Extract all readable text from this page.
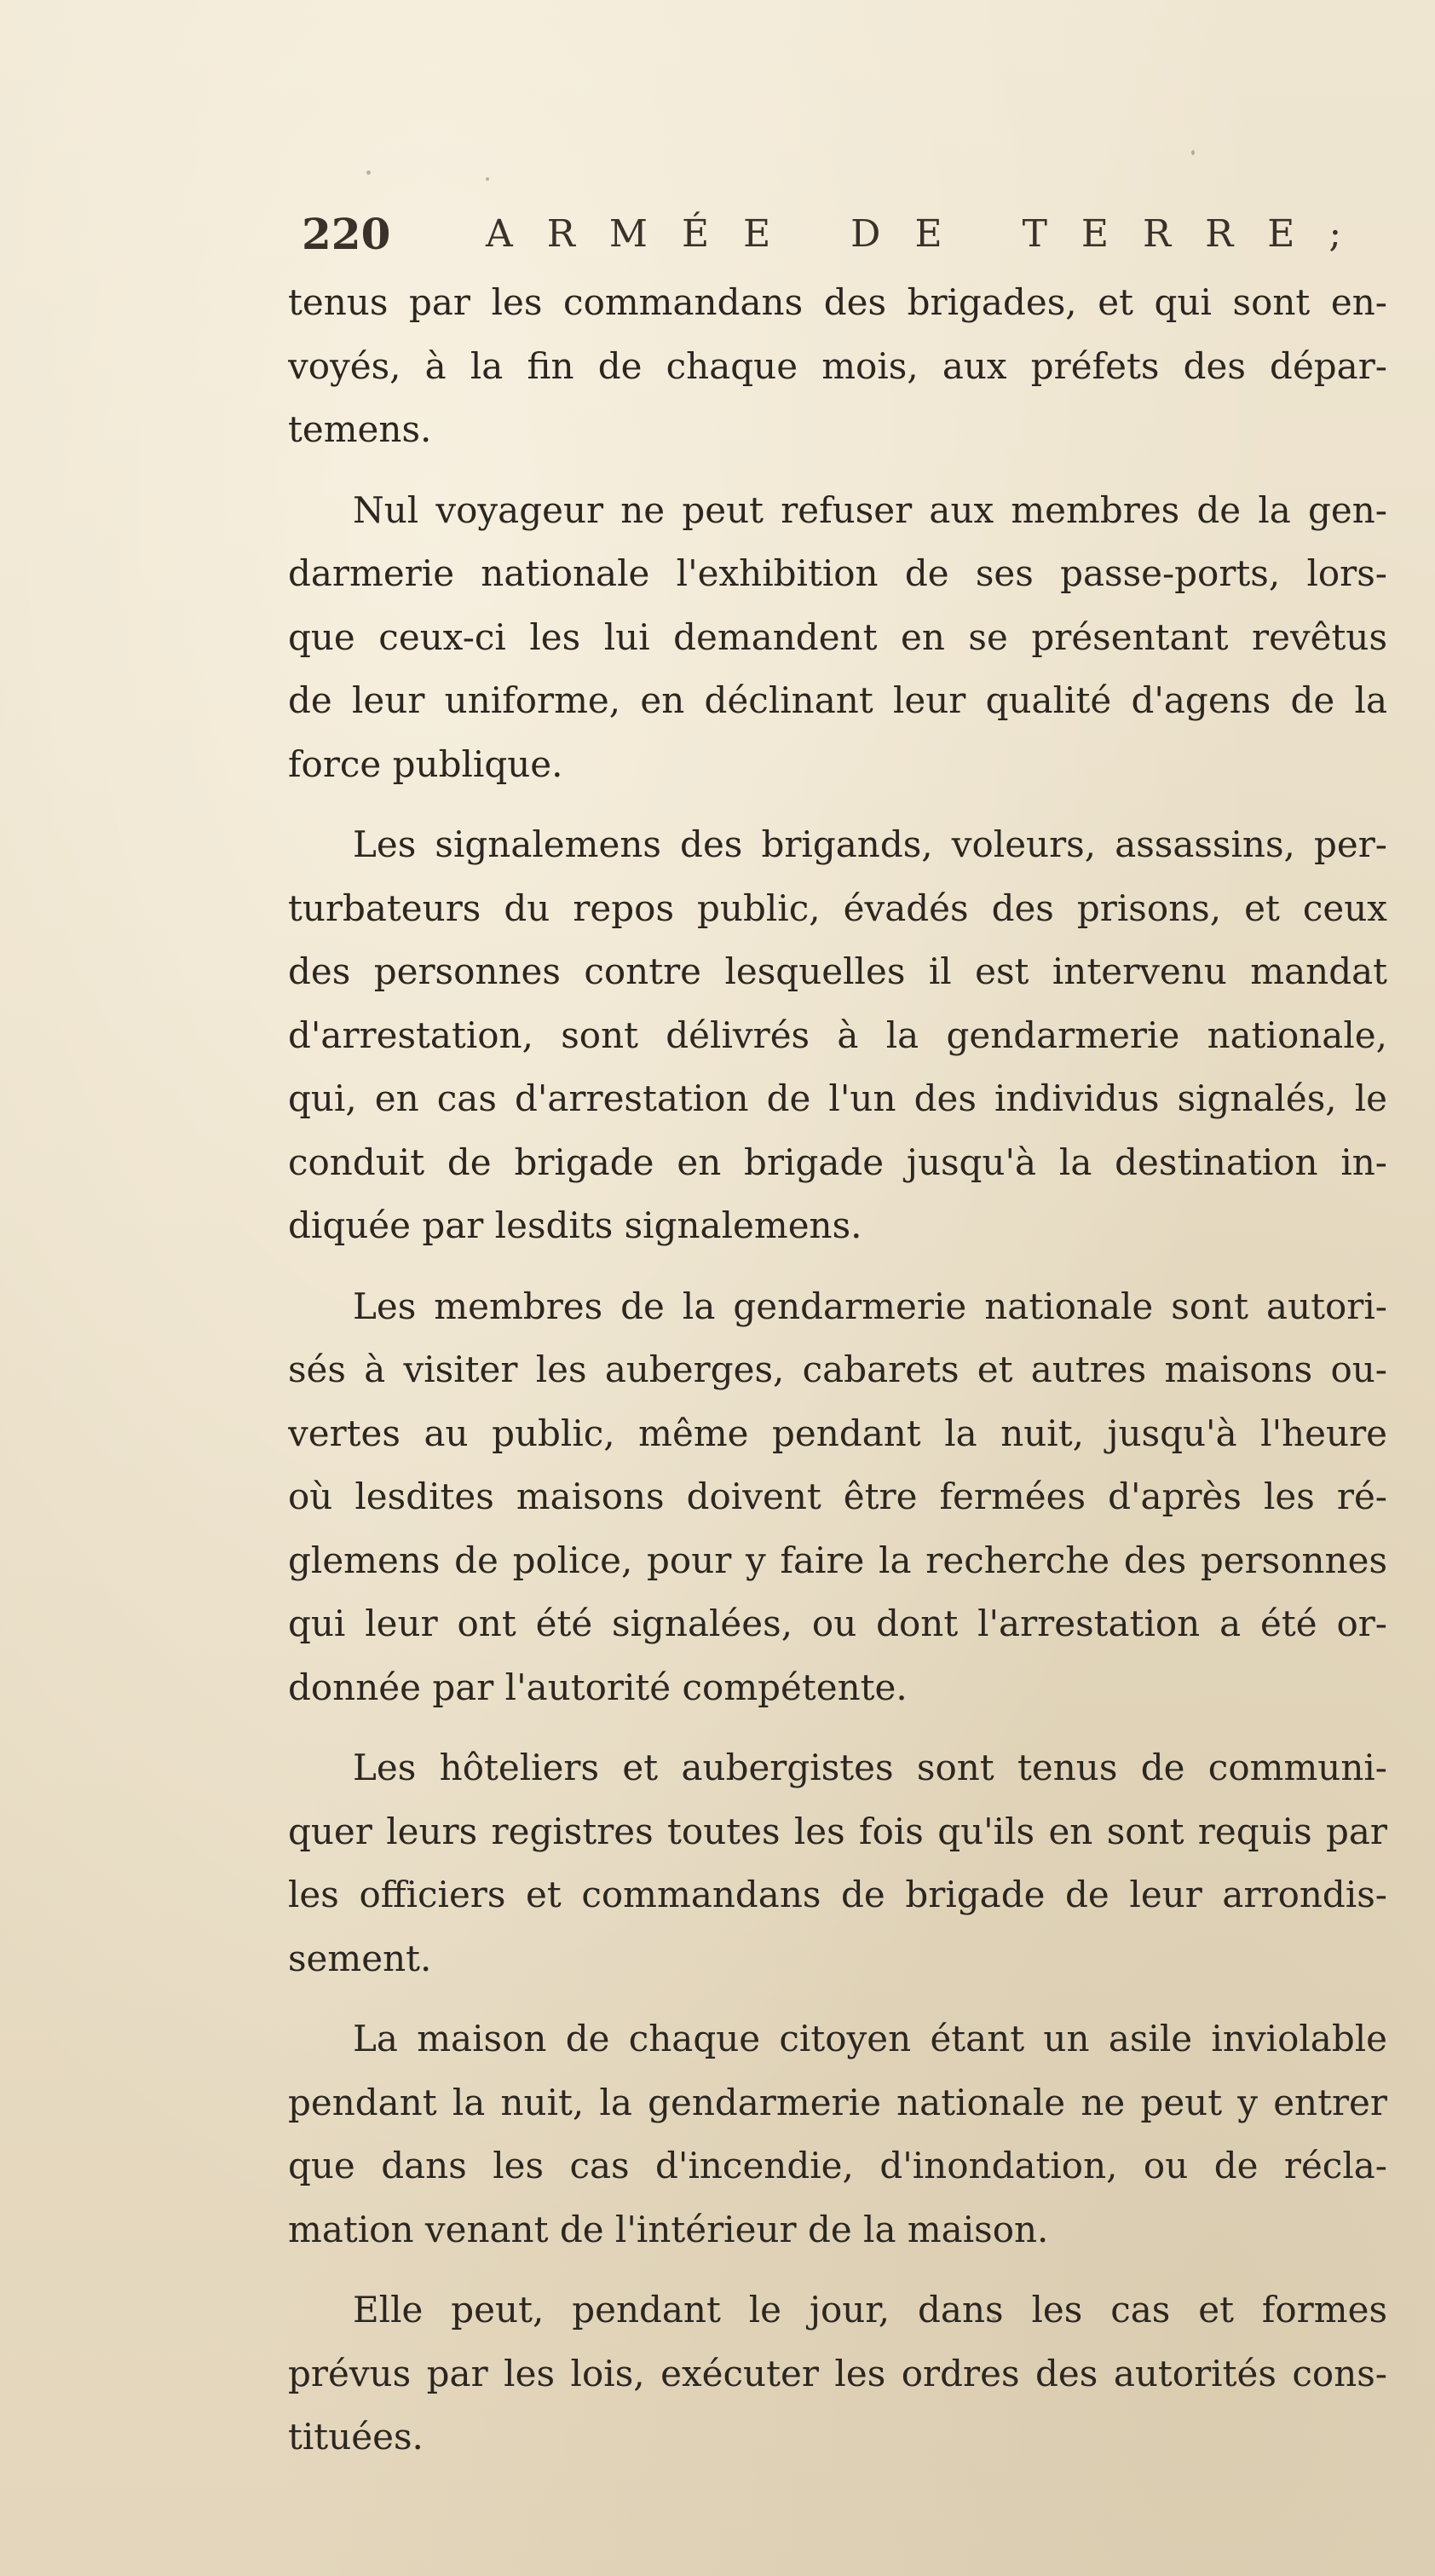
220	ARMÉE DE TERRE;
tenus par les commandans des brigades, et qui sont en-
voyés, à la fin de chaque mois, aux préfets des dépar-
temens.
Nul voyageur ne peut refuser aux membres de la gen-
darmerie nationale l'exhibition de ses passe-ports, lors-
que ceux-ci les lui demandent en se présentant revêtus
de leur uniforme, en déclinant leur qualité d'agens de la
force publique.
Les signalemens des brigands, voleurs, assassins, per-
turbateurs du repos public, évadés des prisons, et ceux
des personnes contre lesquelles il est intervenu mandat
d'arrestation, sont délivrés à la gendarmerie nationale,
qui, en cas d'arrestation de l'un des individus signalés, le
conduit de brigade en brigade jusqu'à la destination in-
diquée par lesdits signalemens.
Les membres de la gendarmerie nationale sont autori-
sés à visiter les auberges, cabarets et autres maisons ou-
vertes au public, même pendant la nuit, jusqu'à l'heure
où lesdites maisons doivent être fermées d'après les ré-
glemens de police, pour y faire la recherche des personnes
qui leur ont été signalées, ou dont l'arrestation a été or-
donnée par l'autorité compétente.
Les hôteliers et aubergistes sont tenus de communi-
quer leurs registres toutes les fois qu'ils en sont requis par
les officiers et commandans de brigade de leur arrondis-
sement.
La maison de chaque citoyen étant un asile inviolable
pendant la nuit, la gendarmerie nationale ne peut y entrer
que dans les cas d'incendie, d'inondation, ou de récla-
mation venant de l'intérieur de la maison.
Elle peut, pendant le jour, dans les cas et formes
prévus par les lois, exécuter les ordres des autorités cons-
tituées.
